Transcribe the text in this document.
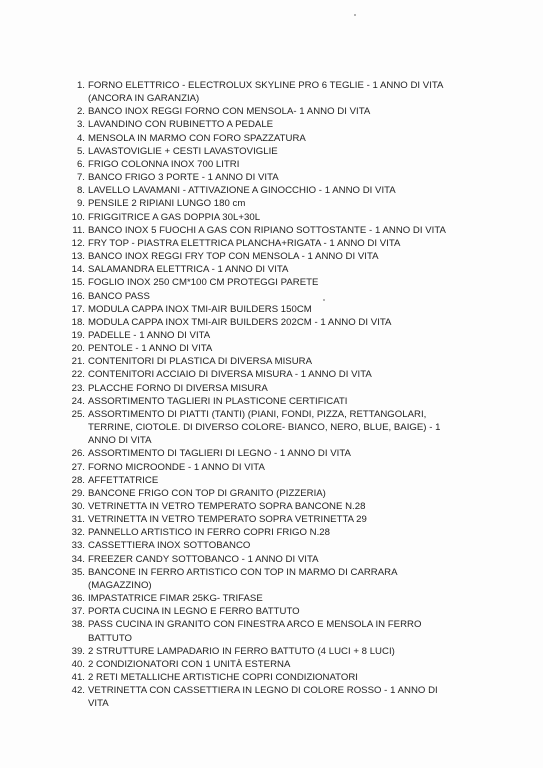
1. FORNO ELETTRICO - ELECTROLUX SKYLINE PRO 6 TEGLIE - 1 ANNO DI VITA
(ANCORA IN GARANZIA)
2. BANCO INOX REGGI FORNO CON MENSOLA- 1 ANNO DI VITA
3. LAVANDINO CON RUBINETTO A PEDALE
4. MENSOLA IN MARMO CON FORO SPAZZATURA
5. LAVASTOVIGLIE + CESTI LAVASTOVIGLIE
6. FRIGO COLONNA INOX 700 LITRI
7. BANCO FRIGO 3 PORTE - 1 ANNO DI VITA
8. LAVELLO LAVAMANI - ATTIVAZIONE A GINOCCHIO - 1 ANNO DI VITA
9. PENSILE 2 RIPIANI LUNGO 180 cm
10. FRIGGITRICE A GAS DOPPIA 30L+30L
11. BANCO INOX 5 FUOCHI A GAS CON RIPIANO SOTTOSTANTE - 1 ANNO DI VITA
12. FRY TOP - PIASTRA ELETTRICA PLANCHA+RIGATA - 1 ANNO DI VITA
13. BANCO INOX REGGI FRY TOP CON MENSOLA - 1 ANNO DI VITA
14. SALAMANDRA ELETTRICA - 1 ANNO DI VITA
15. FOGLIO INOX 250 CM*100 CM PROTEGGI PARETE
16. BANCO PASS
17. MODULA CAPPA INOX TMI-AIR BUILDERS 150CM
18. MODULA CAPPA INOX TMI-AIR BUILDERS 202CM - 1 ANNO DI VITA
19. PADELLE - 1 ANNO DI VITA
20. PENTOLE - 1 ANNO DI VITA
21. CONTENITORI DI PLASTICA DI DIVERSA MISURA
22. CONTENITORI ACCIAIO DI DIVERSA MISURA - 1 ANNO DI VITA
23. PLACCHE FORNO DI DIVERSA MISURA
24. ASSORTIMENTO TAGLIERI IN PLASTICONE CERTIFICATI
25. ASSORTIMENTO DI PIATTI (TANTI) (PIANI, FONDI, PIZZA, RETTANGOLARI,
TERRINE, CIOTOLE. DI DIVERSO COLORE- BIANCO, NERO, BLUE, BAIGE) - 1
ANNO DI VITA
26. ASSORTIMENTO DI TAGLIERI DI LEGNO - 1 ANNO DI VITA
27. FORNO MICROONDE - 1 ANNO DI VITA
28. AFFETTATRICE
29. BANCONE FRIGO CON TOP DI GRANITO (PIZZERIA)
30. VETRINETTA IN VETRO TEMPERATO SOPRA BANCONE N.28
31. VETRINETTA IN VETRO TEMPERATO SOPRA VETRINETTA 29
32. PANNELLO ARTISTICO IN FERRO COPRI FRIGO N.28
33. CASSETTIERA INOX SOTTOBANCO
34. FREEZER CANDY SOTTOBANCO - 1 ANNO DI VITA
35. BANCONE IN FERRO ARTISTICO CON TOP IN MARMO DI CARRARA
(MAGAZZINO)
36. IMPASTATRICE FIMAR 25KG- TRIFASE
37. PORTA CUCINA IN LEGNO E FERRO BATTUTO
38. PASS CUCINA IN GRANITO CON FINESTRA ARCO E MENSOLA IN FERRO
BATTUTO
39. 2 STRUTTURE LAMPADARIO IN FERRO BATTUTO (4 LUCI + 8 LUCI)
40. 2 CONDIZIONATORI CON 1 UNITÀ ESTERNA
41. 2 RETI METALLICHE ARTISTICHE COPRI CONDIZIONATORI
42. VETRINETTA CON CASSETTIERA IN LEGNO DI COLORE ROSSO - 1 ANNO DI
VITA
